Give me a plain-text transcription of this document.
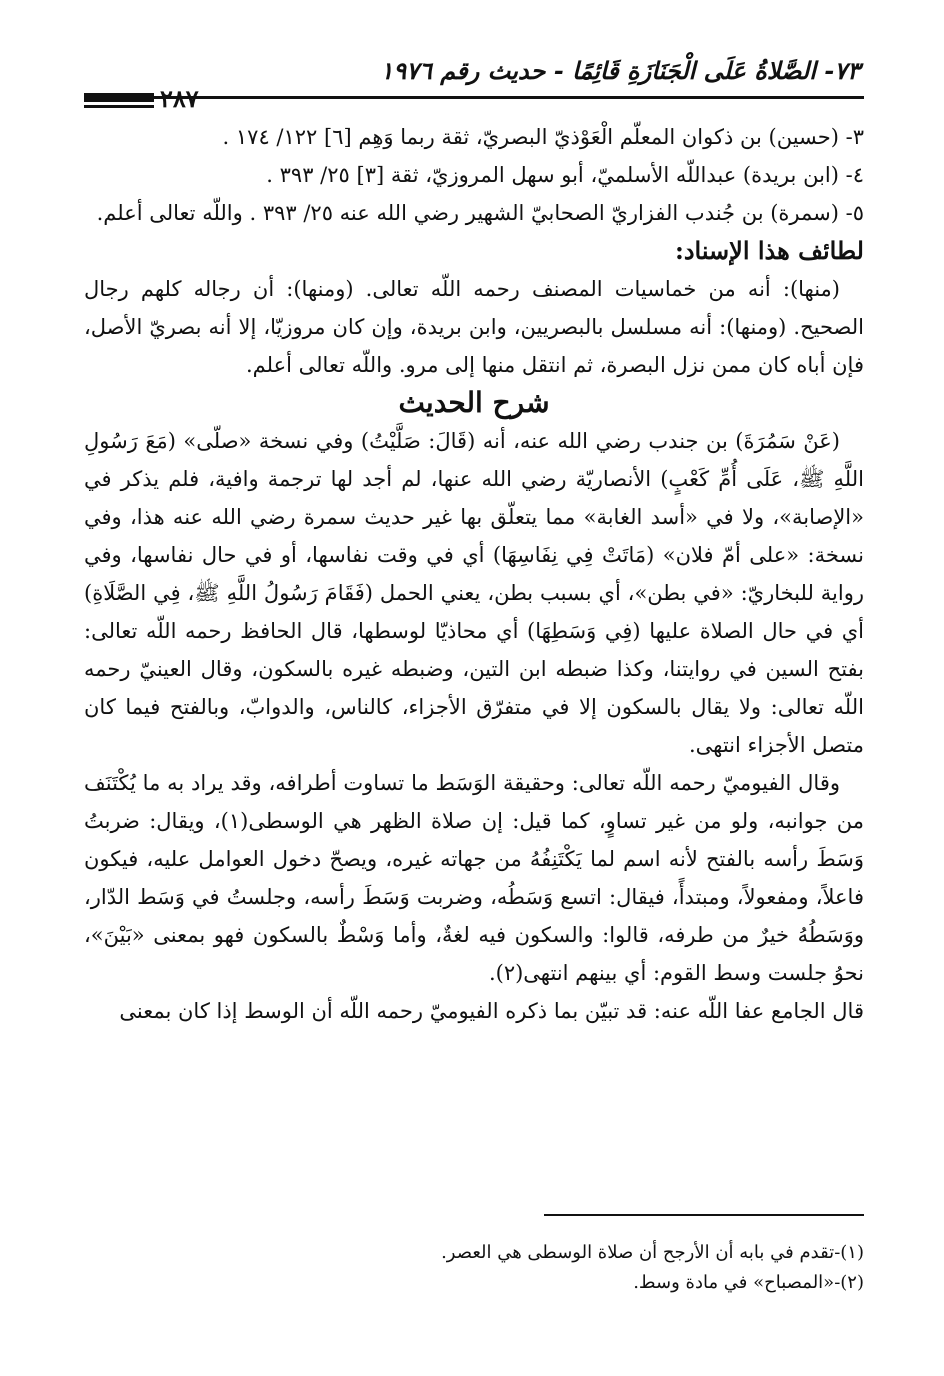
٧٣- الصَّلاةُ عَلَى الْجَنَازَةِ قَائِمًا - حديث رقم ١٩٧٦
٢٨٧

٣- (حسين) بن ذكوان المعلّم الْعَوْذيّ البصريّ، ثقة ربما وَهِم [٦] ١٢٢/ ١٧٤ .

٤- (ابن بريدة) عبداللّه الأسلميّ، أبو سهل المروزيّ، ثقة [٣] ٢٥/ ٣٩٣ .

٥- (سمرة) بن جُندب الفزاريّ الصحابيّ الشهير رضي الله عنه ٢٥/ ٣٩٣ . واللّه تعالى أعلم.

لطائف هذا الإسناد:

(منها): أنه من خماسيات المصنف رحمه اللّه تعالى. (ومنها): أن رجاله كلهم رجال الصحيح. (ومنها): أنه مسلسل بالبصريين، وابن بريدة، وإن كان مروزيّا، إلا أنه بصريّ الأصل، فإن أباه كان ممن نزل البصرة، ثم انتقل منها إلى مرو. واللّه تعالى أعلم.

شرح الحديث

(عَنْ سَمُرَةَ) بن جندب رضي الله عنه، أنه (قَالَ: صَلَّيْتُ) وفي نسخة «صلّى» (مَعَ رَسُولِ اللَّهِ ﷺ، عَلَى أُمِّ كَعْبٍ) الأنصاريّة رضي الله عنها، لم أجد لها ترجمة وافية، فلم يذكر في «الإصابة»، ولا في «أسد الغابة» مما يتعلّق بها غير حديث سمرة رضي الله عنه هذا، وفي نسخة: «على أمّ فلان» (مَاتَتْ فِي نِفَاسِهَا) أي في وقت نفاسها، أو في حال نفاسها، وفي رواية للبخاريّ: «في بطن»، أي بسبب بطن، يعني الحمل (فَقَامَ رَسُولُ اللَّهِ ﷺ، فِي الصَّلَاةِ) أي في حال الصلاة عليها (فِي وَسَطِهَا) أي محاذيّا لوسطها، قال الحافظ رحمه اللّه تعالى: بفتح السين في روايتنا، وكذا ضبطه ابن التين، وضبطه غيره بالسكون، وقال العينيّ رحمه اللّه تعالى: ولا يقال بالسكون إلا في متفرّق الأجزاء، كالناس، والدوابّ، وبالفتح فيما كان متصل الأجزاء انتهى.

وقال الفيوميّ رحمه اللّه تعالى: وحقيقة الوَسَط ما تساوت أطرافه، وقد يراد به ما يُكْتَنَف من جوانبه، ولو من غير تساوٍ، كما قيل: إن صلاة الظهر هي الوسطى(١)، ويقال: ضربتُ وَسَطَ رأسه بالفتح لأنه اسم لما يَكْتَنِفُهُ من جهاته غيره، ويصحّ دخول العوامل عليه، فيكون فاعلاً، ومفعولاً، ومبتدأً، فيقال: اتسع وَسَطُه، وضربت وَسَطَ رأسه، وجلستُ في وَسَط الدّار، ووَسَطُهُ خيرٌ من طرفه، قالوا: والسكون فيه لغةٌ، وأما وَسْطٌ بالسكون فهو بمعنى «بَيْنَ»، نحوُ جلست وسط القوم: أي بينهم انتهى(٢).

قال الجامع عفا اللّه عنه: قد تبيّن بما ذكره الفيوميّ رحمه اللّه أن الوسط إذا كان بمعنى

(١)-تقدم في بابه أن الأرجح أن صلاة الوسطى هي العصر.

(٢)-«المصباح» في مادة وسط.
